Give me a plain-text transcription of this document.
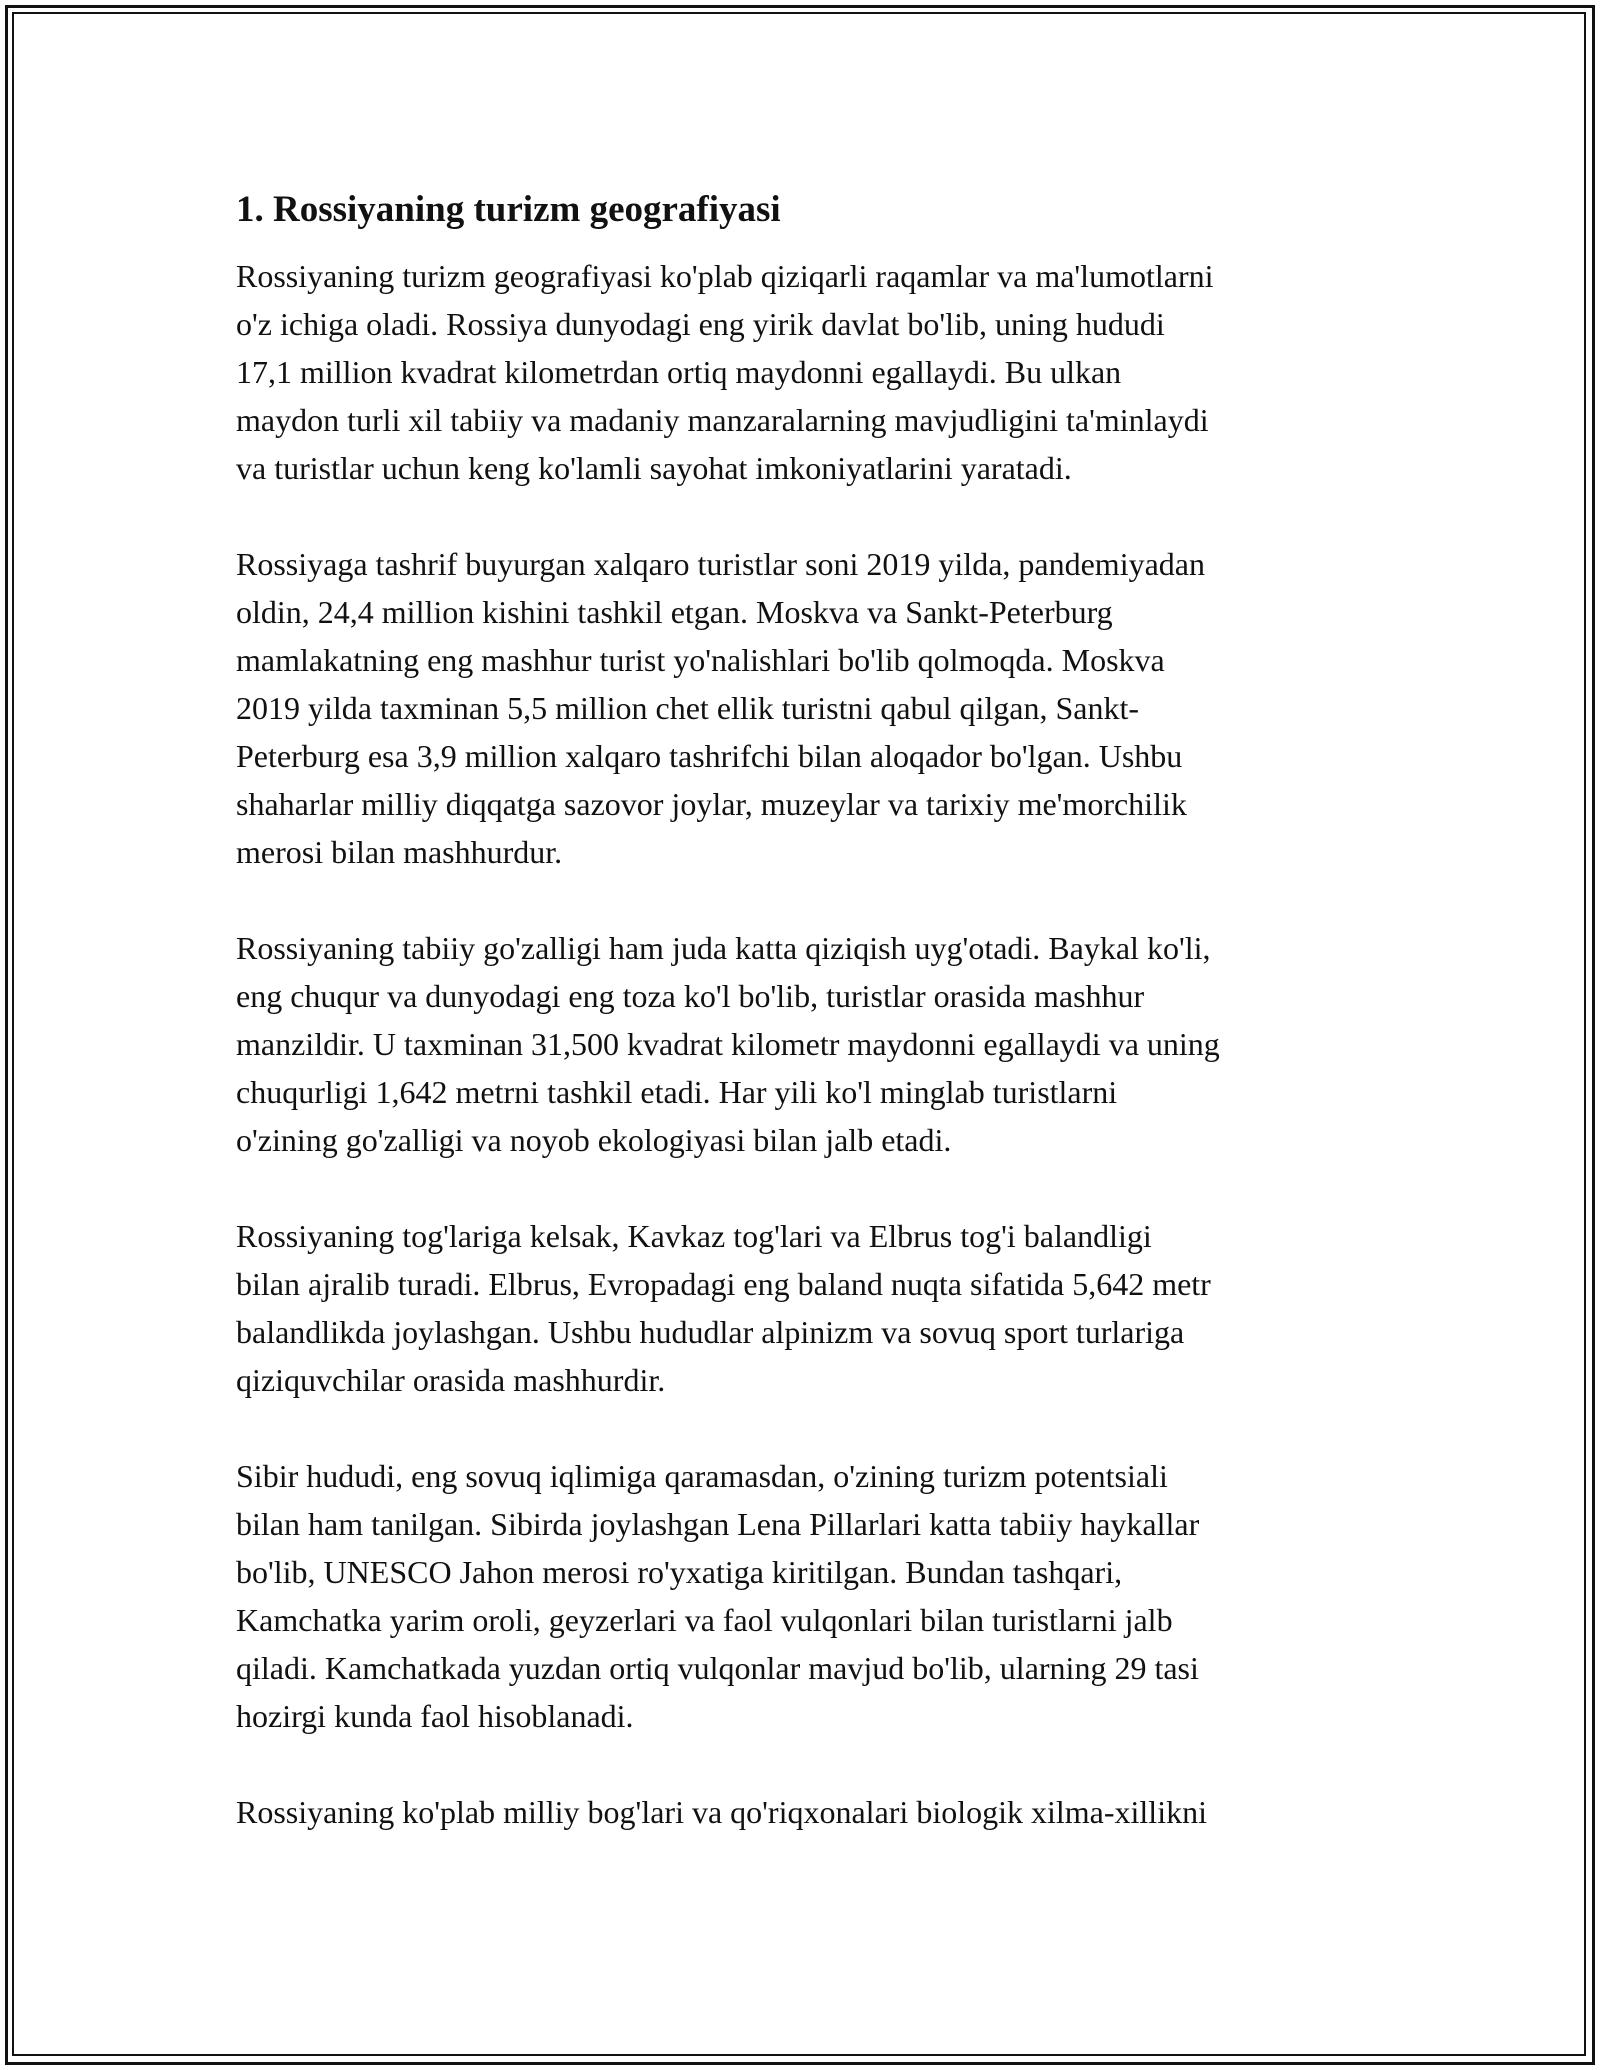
1. Rossiyaning turizm geografiyasi

Rossiyaning turizm geografiyasi ko'plab qiziqarli raqamlar va ma'lumotlarni
o'z ichiga oladi. Rossiya dunyodagi eng yirik davlat bo'lib, uning hududi
17,1 million kvadrat kilometrdan ortiq maydonni egallaydi. Bu ulkan
maydon turli xil tabiiy va madaniy manzaralarning mavjudligini ta'minlaydi
va turistlar uchun keng ko'lamli sayohat imkoniyatlarini yaratadi.

Rossiyaga tashrif buyurgan xalqaro turistlar soni 2019 yilda, pandemiyadan
oldin, 24,4 million kishini tashkil etgan. Moskva va Sankt-Peterburg
mamlakatning eng mashhur turist yo'nalishlari bo'lib qolmoqda. Moskva
2019 yilda taxminan 5,5 million chet ellik turistni qabul qilgan, Sankt-
Peterburg esa 3,9 million xalqaro tashrifchi bilan aloqador bo'lgan. Ushbu
shaharlar milliy diqqatga sazovor joylar, muzeylar va tarixiy me'morchilik
merosi bilan mashhurdur.

Rossiyaning tabiiy go'zalligi ham juda katta qiziqish uyg'otadi. Baykal ko'li,
eng chuqur va dunyodagi eng toza ko'l bo'lib, turistlar orasida mashhur
manzildir. U taxminan 31,500 kvadrat kilometr maydonni egallaydi va uning
chuqurligi 1,642 metrni tashkil etadi. Har yili ko'l minglab turistlarni
o'zining go'zalligi va noyob ekologiyasi bilan jalb etadi.

Rossiyaning tog'lariga kelsak, Kavkaz tog'lari va Elbrus tog'i balandligi
bilan ajralib turadi. Elbrus, Evropadagi eng baland nuqta sifatida 5,642 metr
balandlikda joylashgan. Ushbu hududlar alpinizm va sovuq sport turlariga
qiziquvchilar orasida mashhurdir.

Sibir hududi, eng sovuq iqlimiga qaramasdan, o'zining turizm potentsiali
bilan ham tanilgan. Sibirda joylashgan Lena Pillarlari katta tabiiy haykallar
bo'lib, UNESCO Jahon merosi ro'yxatiga kiritilgan. Bundan tashqari,
Kamchatka yarim oroli, geyzerlari va faol vulqonlari bilan turistlarni jalb
qiladi. Kamchatkada yuzdan ortiq vulqonlar mavjud bo'lib, ularning 29 tasi
hozirgi kunda faol hisoblanadi.

Rossiyaning ko'plab milliy bog'lari va qo'riqxonalari biologik xilma-xillikni
